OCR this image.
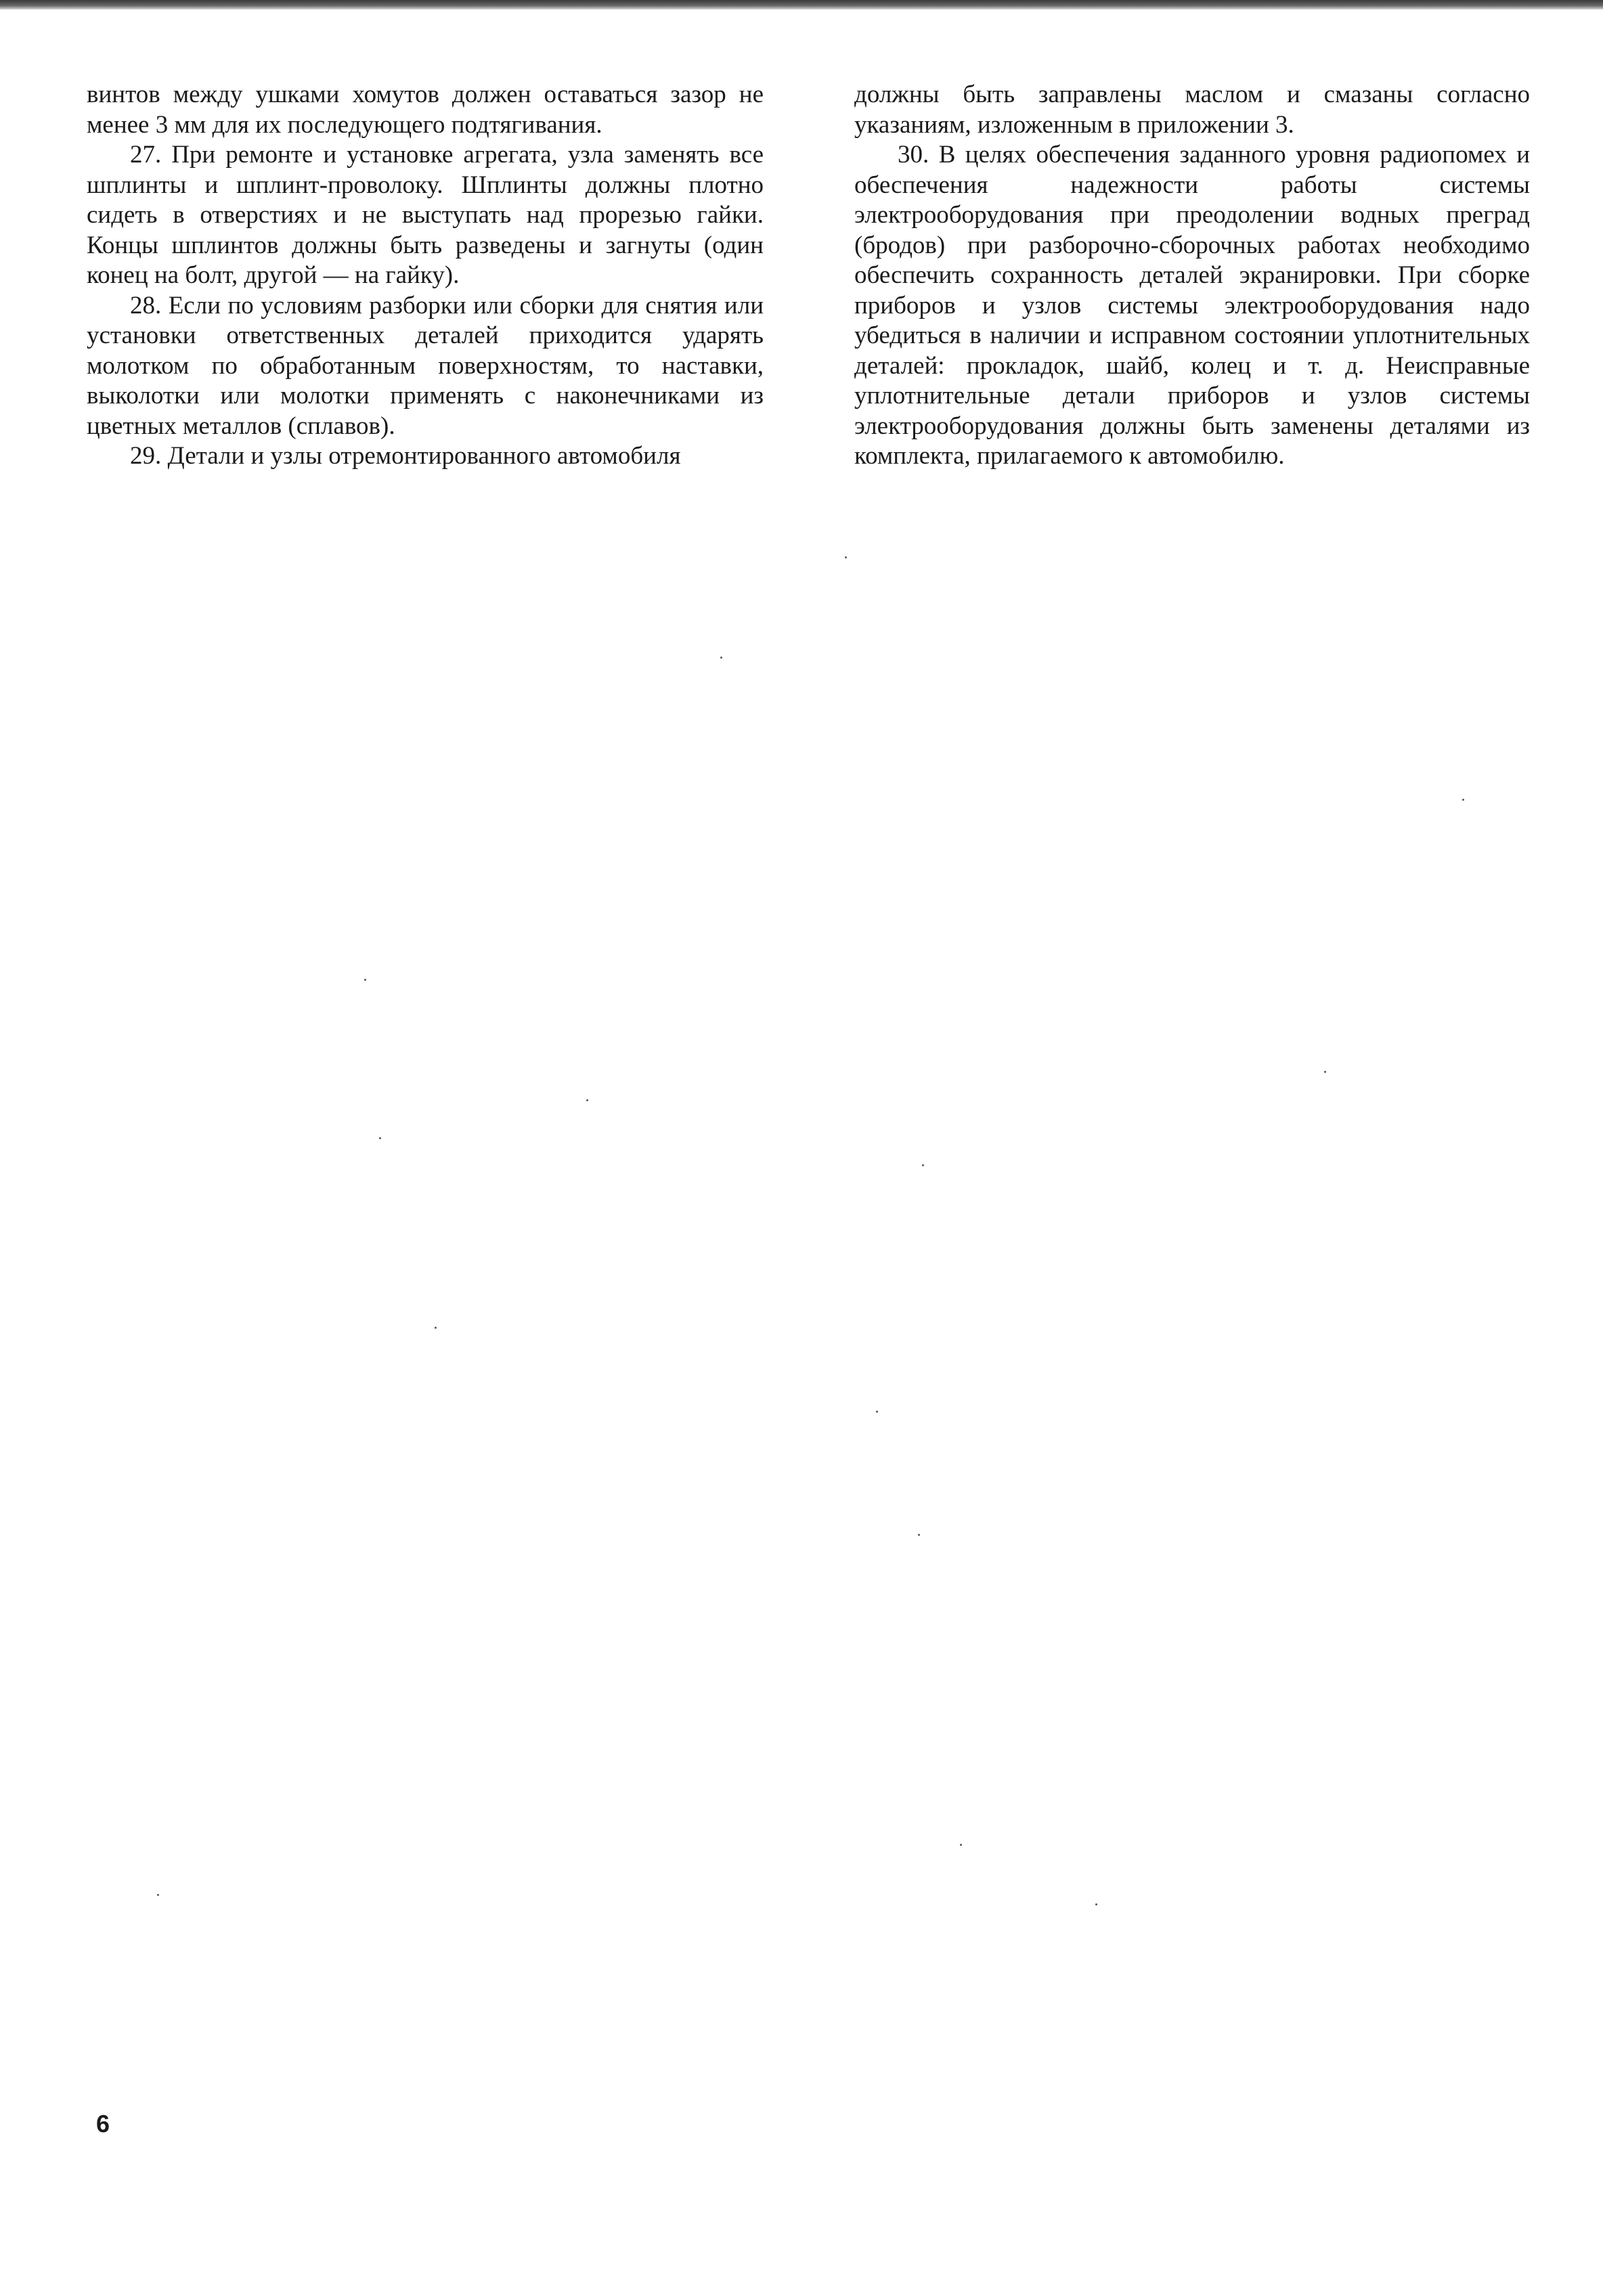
винтов между ушками хомутов должен оставаться зазор не менее 3 мм для их последующего подтягивания.

27. При ремонте и установке агрегата, узла заменять все шплинты и шплинт-проволоку. Шплинты должны плотно сидеть в отверстиях и не выступать над прорезью гайки. Концы шплинтов должны быть разведены и загнуты (один конец на болт, другой — на гайку).

28. Если по условиям разборки или сборки для снятия или установки ответственных деталей приходится ударять молотком по обработанным поверхностям, то наставки, выколотки или молотки применять с наконечниками из цветных металлов (сплавов).

29. Детали и узлы отремонтированного автомобиля

должны быть заправлены маслом и смазаны согласно указаниям, изложенным в приложении 3.

30. В целях обеспечения заданного уровня радиопомех и обеспечения надежности работы системы электрооборудования при преодолении водных преград (бродов) при разборочно-сборочных работах необходимо обеспечить сохранность деталей экранировки. При сборке приборов и узлов системы электрооборудования надо убедиться в наличии и исправном состоянии уплотнительных деталей: прокладок, шайб, колец и т. д. Неисправные уплотнительные детали приборов и узлов системы электрооборудования должны быть заменены деталями из комплекта, прилагаемого к автомобилю.

6
